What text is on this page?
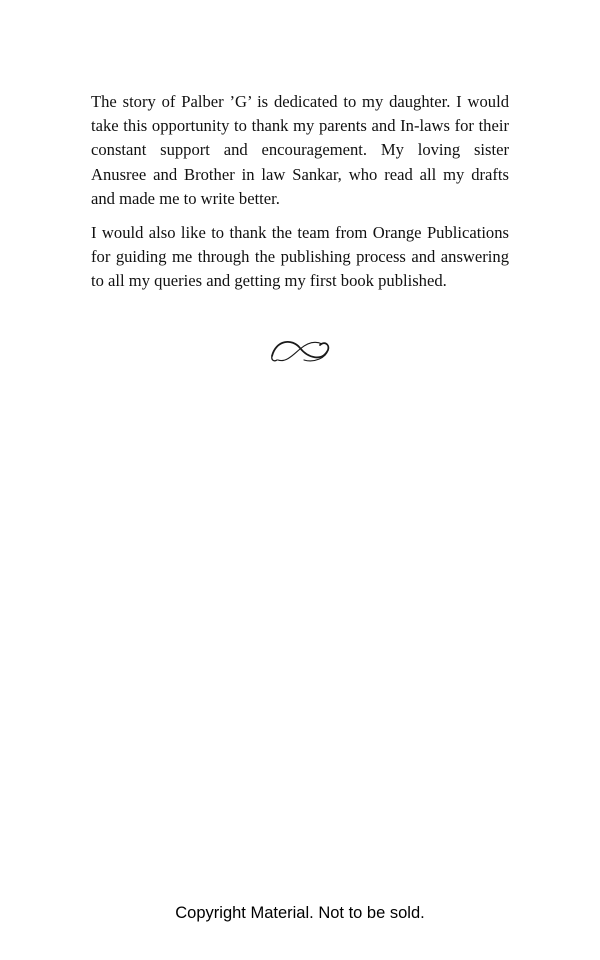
The story of Palber ’G’ is dedicated to my daughter. I would take this opportunity to thank my parents and In-laws for their constant support and encouragement. My loving sister Anusree and Brother in law Sankar, who read all my drafts and made me to write better.

I would also like to thank the team from Orange Publications for guiding me through the publishing process and answering to all my queries and getting my first book published.

Copyright Material. Not to be sold.
